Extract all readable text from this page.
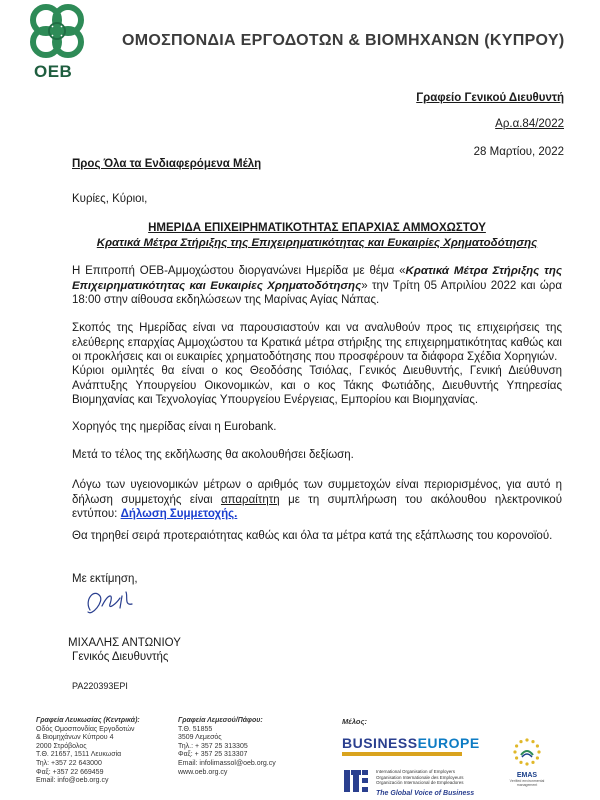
OEB
ΟΜΟΣΠΟΝΔΙΑ ΕΡΓΟΔΟΤΩΝ & ΒΙΟΜΗΧΑΝΩΝ (ΚΥΠΡΟΥ)
Γραφείο Γενικού Διευθυντή
Αρ.α.84/2022
28 Μαρτίου, 2022
Προς Όλα τα Ενδιαφερόμενα Μέλη
Κυρίες, Κύριοι,
ΗΜΕΡΙΔΑ ΕΠΙΧΕΙΡΗΜΑΤΙΚΟΤΗΤΑΣ ΕΠΑΡΧΙΑΣ ΑΜΜΟΧΩΣΤΟΥ
Κρατικά Μέτρα Στήριξης της Επιχειρηματικότητας και Ευκαιρίες Χρηματοδότησης
Η Επιτροπή ΟΕΒ-Αμμοχώστου διοργανώνει Ημερίδα με θέμα «Κρατικά Μέτρα Στήριξης της Επιχειρηματικότητας και Ευκαιρίες Χρηματοδότησης» την Τρίτη 05 Απριλίου 2022 και ώρα 18:00 στην αίθουσα εκδηλώσεων της Μαρίνας Αγίας Νάπας.
Σκοπός της Ημερίδας είναι να παρουσιαστούν και να αναλυθούν προς τις επιχειρήσεις της ελεύθερης επαρχίας Αμμοχώστου τα Κρατικά μέτρα στήριξης της επιχειρηματικότητας καθώς και οι προκλήσεις και οι ευκαιρίες χρηματοδότησης που προσφέρουν τα διάφορα Σχέδια Χορηγιών.
Κύριοι ομιλητές θα είναι ο κος Θεοδόσης Τσιόλας, Γενικός Διευθυντής, Γενική Διεύθυνση Ανάπτυξης Υπουργείου Οικονομικών, και ο κος Τάκης Φωτιάδης, Διευθυντής Υπηρεσίας Βιομηχανίας και Τεχνολογίας Υπουργείου Ενέργειας, Εμπορίου και Βιομηχανίας.
Χορηγός της ημερίδας είναι η Eurobank.
Μετά το τέλος της εκδήλωσης θα ακολουθήσει δεξίωση.
Λόγω των υγειονομικών μέτρων ο αριθμός των συμμετοχών είναι περιορισμένος, για αυτό η δήλωση συμμετοχής είναι απαραίτητη με τη συμπλήρωση του ακόλουθου ηλεκτρονικού εντύπου: Δήλωση Συμμετοχής.
Θα τηρηθεί σειρά προτεραιότητας καθώς και όλα τα μέτρα κατά της εξάπλωσης του κορονοϊού.
Με εκτίμηση,
ΜΙΧΑΛΗΣ ΑΝΤΩΝΙΟΥ
Γενικός Διευθυντής
PA220393EPI
Γραφεία Λευκωσίας (Κεντρικά):
Οδός Ομοσπονδίας Εργοδοτών
& Βιομηχάνων Κύπρου 4
2000 Στρόβολος
Τ.Θ. 21657, 1511 Λευκωσία
Τηλ: +357 22 643000
Φαξ: +357 22 669459
Email: info@oeb.org.cy
Γραφεία Λεμεσού/Πάφου:
Τ.Θ. 51855
3509 Λεμεσός
Τηλ.: + 357 25 313305
Φαξ: + 357 25 313307
Email: infolimassol@oeb.org.cy
www.oeb.org.cy
Μέλος:
BUSINESSEUROPE
International Organisation of Employers
Organisation Internationale des Employeurs
Organización Internacional de Empleadores
The Global Voice of Business
EMAS
Verified environmental management
